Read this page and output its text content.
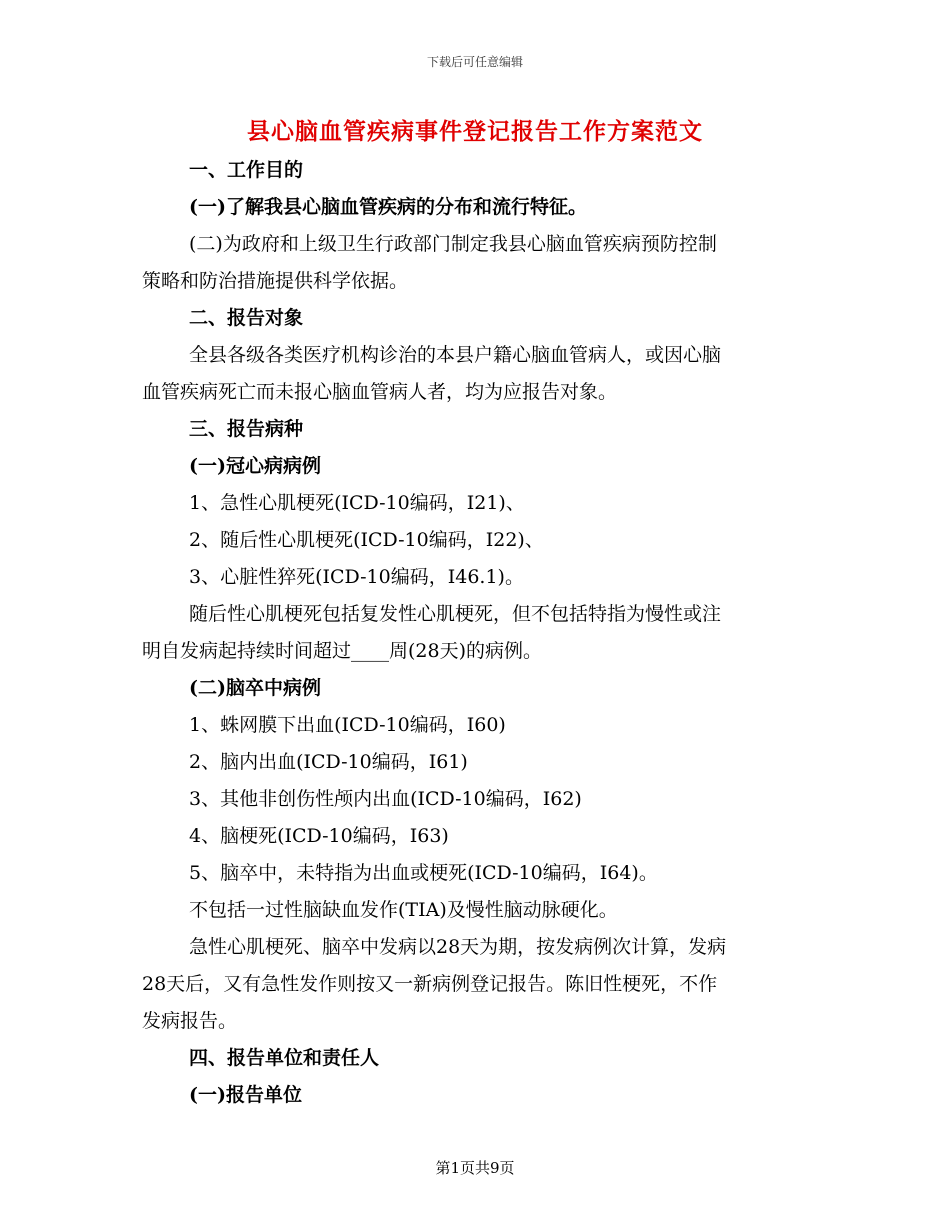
下载后可任意编辑
县心脑血管疾病事件登记报告工作方案范文
一、工作目的
(一)了解我县心脑血管疾病的分布和流行特征。
(二)为政府和上级卫生行政部门制定我县心脑血管疾病预防控制
策略和防治措施提供科学依据。
二、报告对象
全县各级各类医疗机构诊治的本县户籍心脑血管病人，或因心脑
血管疾病死亡而未报心脑血管病人者，均为应报告对象。
三、报告病种
(一)冠心病病例
1、急性心肌梗死(ICD-10编码，I21)、
2、随后性心肌梗死(ICD-10编码，I22)、
3、心脏性猝死(ICD-10编码，I46.1)。
随后性心肌梗死包括复发性心肌梗死，但不包括特指为慢性或注
明自发病起持续时间超过____周(28天)的病例。
(二)脑卒中病例
1、蛛网膜下出血(ICD-10编码，I60)
2、脑内出血(ICD-10编码，I61)
3、其他非创伤性颅内出血(ICD-10编码，I62)
4、脑梗死(ICD-10编码，I63)
5、脑卒中，未特指为出血或梗死(ICD-10编码，I64)。
不包括一过性脑缺血发作(TIA)及慢性脑动脉硬化。
急性心肌梗死、脑卒中发病以28天为期，按发病例次计算，发病
28天后，又有急性发作则按又一新病例登记报告。陈旧性梗死，不作
发病报告。
四、报告单位和责任人
(一)报告单位
第1页共9页
